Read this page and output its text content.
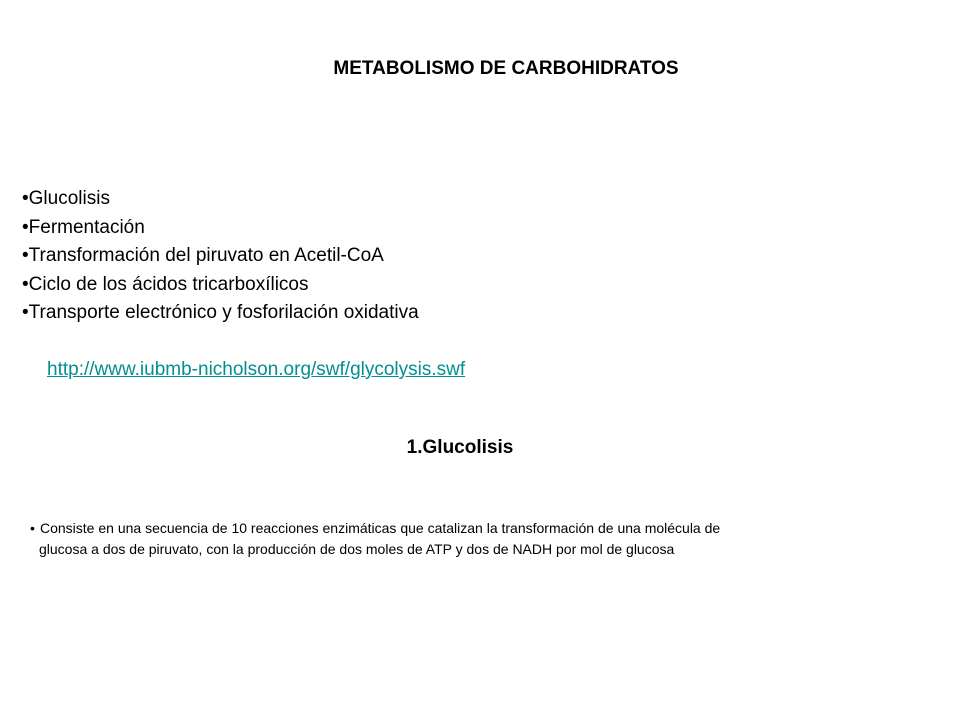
METABOLISMO DE CARBOHIDRATOS
•Glucolisis
•Fermentación
•Transformación del piruvato en Acetil-CoA
•Ciclo de los ácidos tricarboxílicos
•Transporte electrónico y fosforilación oxidativa
http://www.iubmb-nicholson.org/swf/glycolysis.swf
1.Glucolisis

• Consiste en una secuencia de 10 reacciones enzimáticas que catalizan la transformación de una molécula de
glucosa a dos de piruvato, con la producción de dos moles de ATP y dos de NADH por mol de glucosa
